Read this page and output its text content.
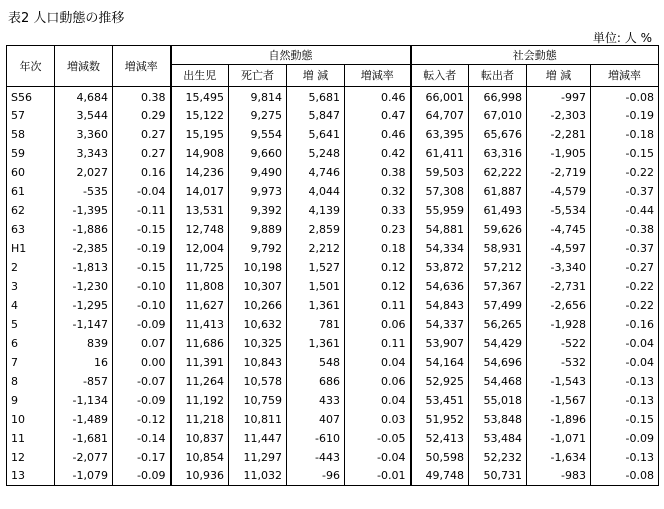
表2 人口動態の推移
単位: 人 %
年次	増減数	増減率	自然動態				社会動態			
			出生児	死亡者	増 減	増減率	転入者	転出者	増 減	増減率
S56	4,684	0.38	15,495	9,814	5,681	0.46	66,001	66,998	-997	-0.08
57	3,544	0.29	15,122	9,275	5,847	0.47	64,707	67,010	-2,303	-0.19
58	3,360	0.27	15,195	9,554	5,641	0.46	63,395	65,676	-2,281	-0.18
59	3,343	0.27	14,908	9,660	5,248	0.42	61,411	63,316	-1,905	-0.15
60	2,027	0.16	14,236	9,490	4,746	0.38	59,503	62,222	-2,719	-0.22
61	-535	-0.04	14,017	9,973	4,044	0.32	57,308	61,887	-4,579	-0.37
62	-1,395	-0.11	13,531	9,392	4,139	0.33	55,959	61,493	-5,534	-0.44
63	-1,886	-0.15	12,748	9,889	2,859	0.23	54,881	59,626	-4,745	-0.38
H1	-2,385	-0.19	12,004	9,792	2,212	0.18	54,334	58,931	-4,597	-0.37
2	-1,813	-0.15	11,725	10,198	1,527	0.12	53,872	57,212	-3,340	-0.27
3	-1,230	-0.10	11,808	10,307	1,501	0.12	54,636	57,367	-2,731	-0.22
4	-1,295	-0.10	11,627	10,266	1,361	0.11	54,843	57,499	-2,656	-0.22
5	-1,147	-0.09	11,413	10,632	781	0.06	54,337	56,265	-1,928	-0.16
6	839	0.07	11,686	10,325	1,361	0.11	53,907	54,429	-522	-0.04
7	16	0.00	11,391	10,843	548	0.04	54,164	54,696	-532	-0.04
8	-857	-0.07	11,264	10,578	686	0.06	52,925	54,468	-1,543	-0.13
9	-1,134	-0.09	11,192	10,759	433	0.04	53,451	55,018	-1,567	-0.13
10	-1,489	-0.12	11,218	10,811	407	0.03	51,952	53,848	-1,896	-0.15
11	-1,681	-0.14	10,837	11,447	-610	-0.05	52,413	53,484	-1,071	-0.09
12	-2,077	-0.17	10,854	11,297	-443	-0.04	50,598	52,232	-1,634	-0.13
13	-1,079	-0.09	10,936	11,032	-96	-0.01	49,748	50,731	-983	-0.08
